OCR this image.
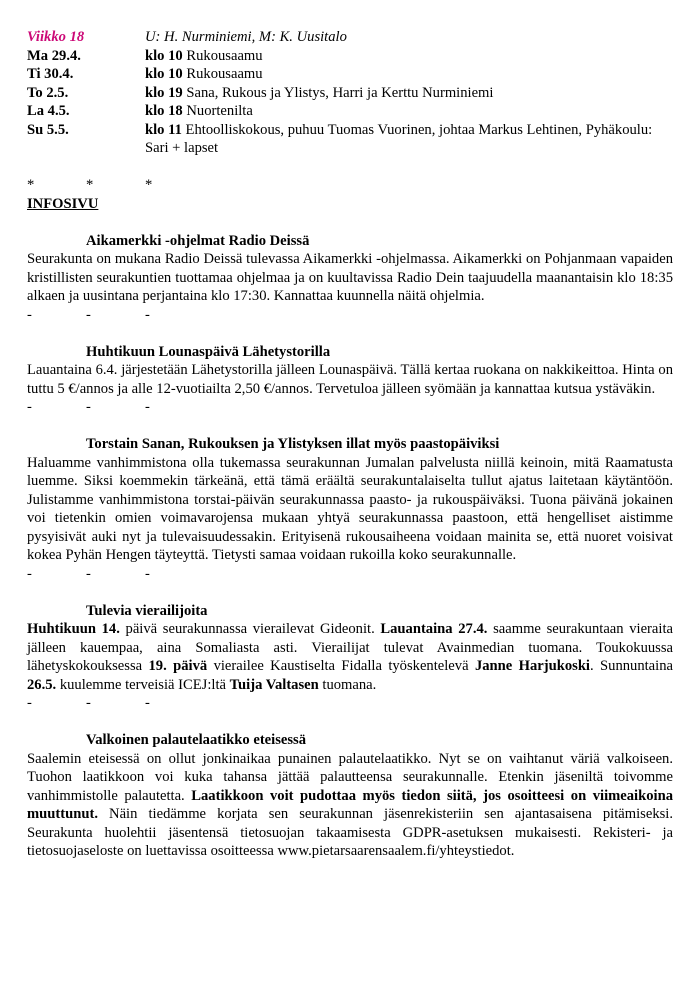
Viikko 18	U: H. Nurminiemi, M: K. Uusitalo
Ma 29.4.	klo 10 Rukousaamu
Ti 30.4.	klo 10 Rukousaamu
To 2.5.	klo 19 Sana, Rukous ja Ylistys, Harri ja Kerttu Nurminiemi
La 4.5.	klo 18 Nuortenilta
Su 5.5.	klo 11 Ehtoolliskokous, puhuu Tuomas Vuorinen, johtaa Markus Lehtinen, Pyhäkoulu: Sari + lapset
*	*	*
INFOSIVU
Aikamerkki -ohjelmat Radio Deissä
Seurakunta on mukana Radio Deissä tulevassa Aikamerkki -ohjelmassa. Aikamerkki on Pohjanmaan vapaiden kristillisten seurakuntien tuottamaa ohjelmaa ja on kuultavissa Radio Dein taajuudella maanantaisin klo 18:35 alkaen ja uusintana perjantaina klo 17:30. Kannattaa kuunnella näitä ohjelmia.
-	-	-
Huhtikuun Lounaspäivä Lähetystorilla
Lauantaina 6.4. järjestetään Lähetystorilla jälleen Lounaspäivä. Tällä kertaa ruokana on nakkikeittoa. Hinta on tuttu 5 €/annos ja alle 12-vuotiailta 2,50 €/annos. Tervetuloa jälleen syömään ja kannattaa kutsua ystäväkin.
-	-	-
Torstain Sanan, Rukouksen ja Ylistyksen illat myös paastopäiviksi
Haluamme vanhimmistona olla tukemassa seurakunnan Jumalan palvelusta niillä keinoin, mitä Raamatusta luemme. Siksi koemmekin tärkeänä, että tämä eräältä seurakuntalaiselta tullut ajatus laitetaan käytäntöön. Julistamme vanhimmistona torstai-päivän seurakunnassa paasto- ja rukouspäiväksi. Tuona päivänä jokainen voi tietenkin omien voimavarojensa mukaan yhtyä seurakunnassa paastoon, että hengelliset aistimme pysyisivät auki nyt ja tulevaisuudessakin. Erityisenä rukousaiheena voidaan mainita se, että nuoret voisivat kokea Pyhän Hengen täyteyttä. Tietysti samaa voidaan rukoilla koko seurakunnalle.
-	-	-
Tulevia vierailijoita
Huhtikuun 14. päivä seurakunnassa vierailevat Gideonit. Lauantaina 27.4. saamme seurakuntaan vieraita jälleen kauempaa, aina Somaliasta asti. Vierailijat tulevat Avainmedian tuomana. Toukokuussa lähetyskokouksessa 19. päivä vierailee Kaustiselta Fidalla työskentelevä Janne Harjukoski. Sunnuntaina 26.5. kuulemme terveisiä ICEJ:ltä Tuija Valtasen tuomana.
-	-	-
Valkoinen palautelaatikko eteisessä
Saalemin eteisessä on ollut jonkinaikaa punainen palautelaatikko. Nyt se on vaihtanut väriä valkoiseen. Tuohon laatikkoon voi kuka tahansa jättää palautteensa seurakunnalle. Etenkin jäseniltä toivomme vanhimmistolle palautetta. Laatikkoon voit pudottaa myös tiedon siitä, jos osoitteesi on viimeaikoina muuttunut. Näin tiedämme korjata sen seurakunnan jäsenrekisteriin sen ajantasaisena pitämiseksi. Seurakunta huolehtii jäsentensä tietosuojan takaamisesta GDPR-asetuksen mukaisesti. Rekisteri- ja tietosuojaseloste on luettavissa osoitteessa www.pietarsaarensaalem.fi/yhteystiedot.
